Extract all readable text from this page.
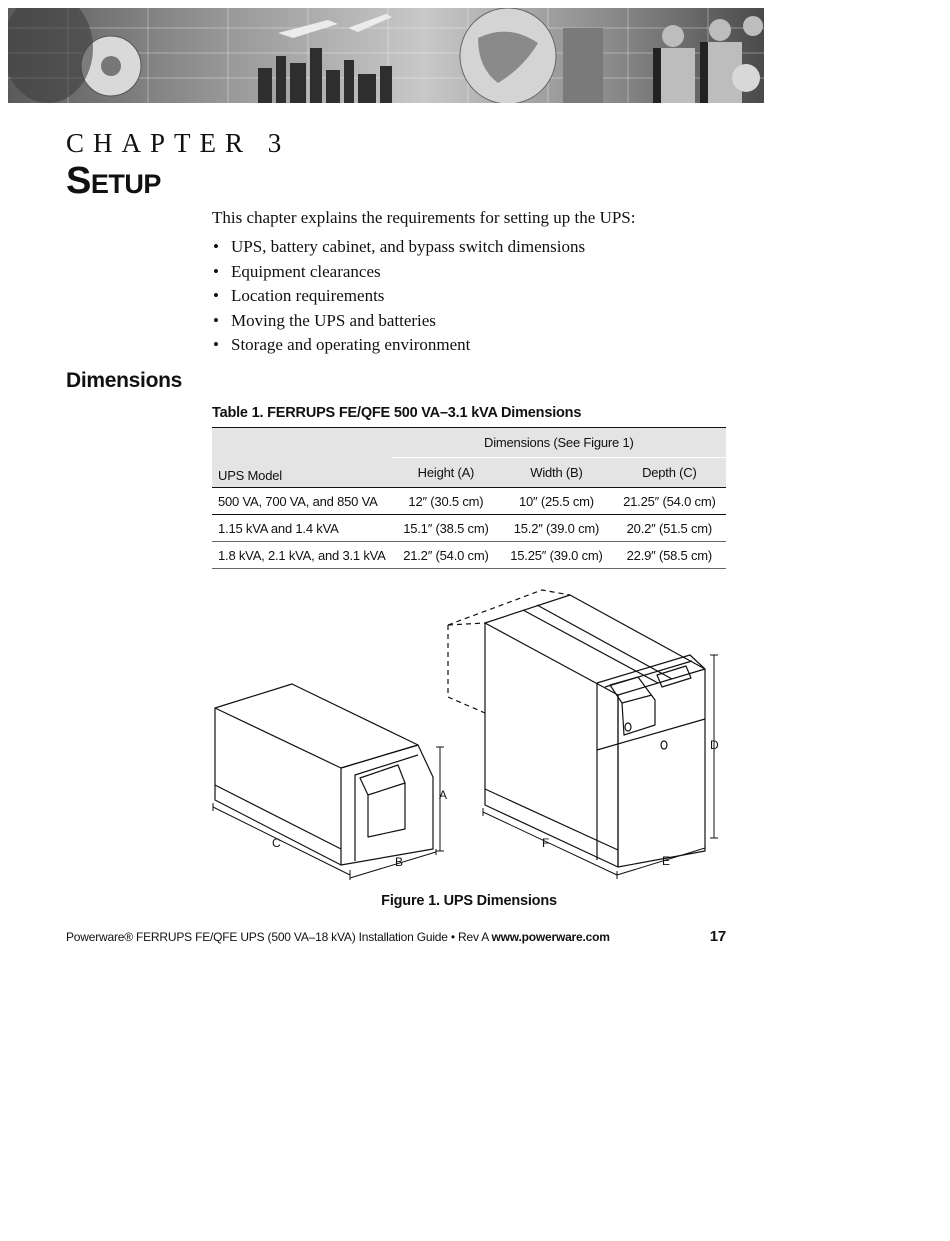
CHAPTER 3
SETUP
This chapter explains the requirements for setting up the UPS:
• UPS, battery cabinet, and bypass switch dimensions
• Equipment clearances
• Location requirements
• Moving the UPS and batteries
• Storage and operating environment
Dimensions
Table 1. FERRUPS FE/QFE 500 VA–3.1 kVA Dimensions
UPS Model	Dimensions (See Figure 1)		
	Height (A)	Width (B)	Depth (C)
500 VA, 700 VA, and 850 VA	12″ (30.5 cm)	10″ (25.5 cm)	21.25″ (54.0 cm)
1.15 kVA and 1.4 kVA	15.1″ (38.5 cm)	15.2″ (39.0 cm)	20.2″ (51.5 cm)
1.8 kVA, 2.1 kVA, and 3.1 kVA	21.2″ (54.0 cm)	15.25″ (39.0 cm)	22.9″ (58.5 cm)
A
B
C
D
E
F
Figure 1. UPS Dimensions
Powerware® FERRUPS FE/QFE UPS (500 VA–18 kVA) Installation Guide • Rev A www.powerware.com	17
